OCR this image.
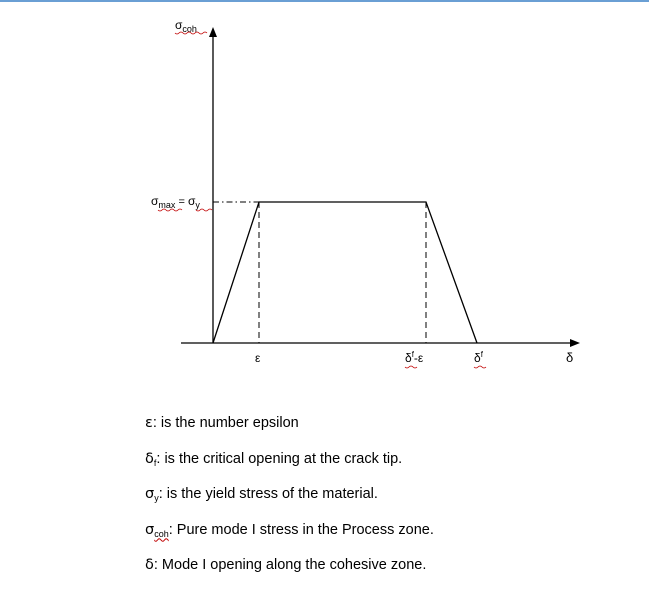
$\sigma_{coh}$
$\sigma_{max} = \sigma_y$
ε	$\delta^f-\varepsilon$	$\delta^f$	δ
ε: is the number epsilon
$\delta_f$: is the critical opening at the crack tip.
$\sigma_y$: is the yield stress of the material.
$\sigma_{coh}$: Pure mode I stress in the Process zone.
δ: Mode I opening along the cohesive zone.
